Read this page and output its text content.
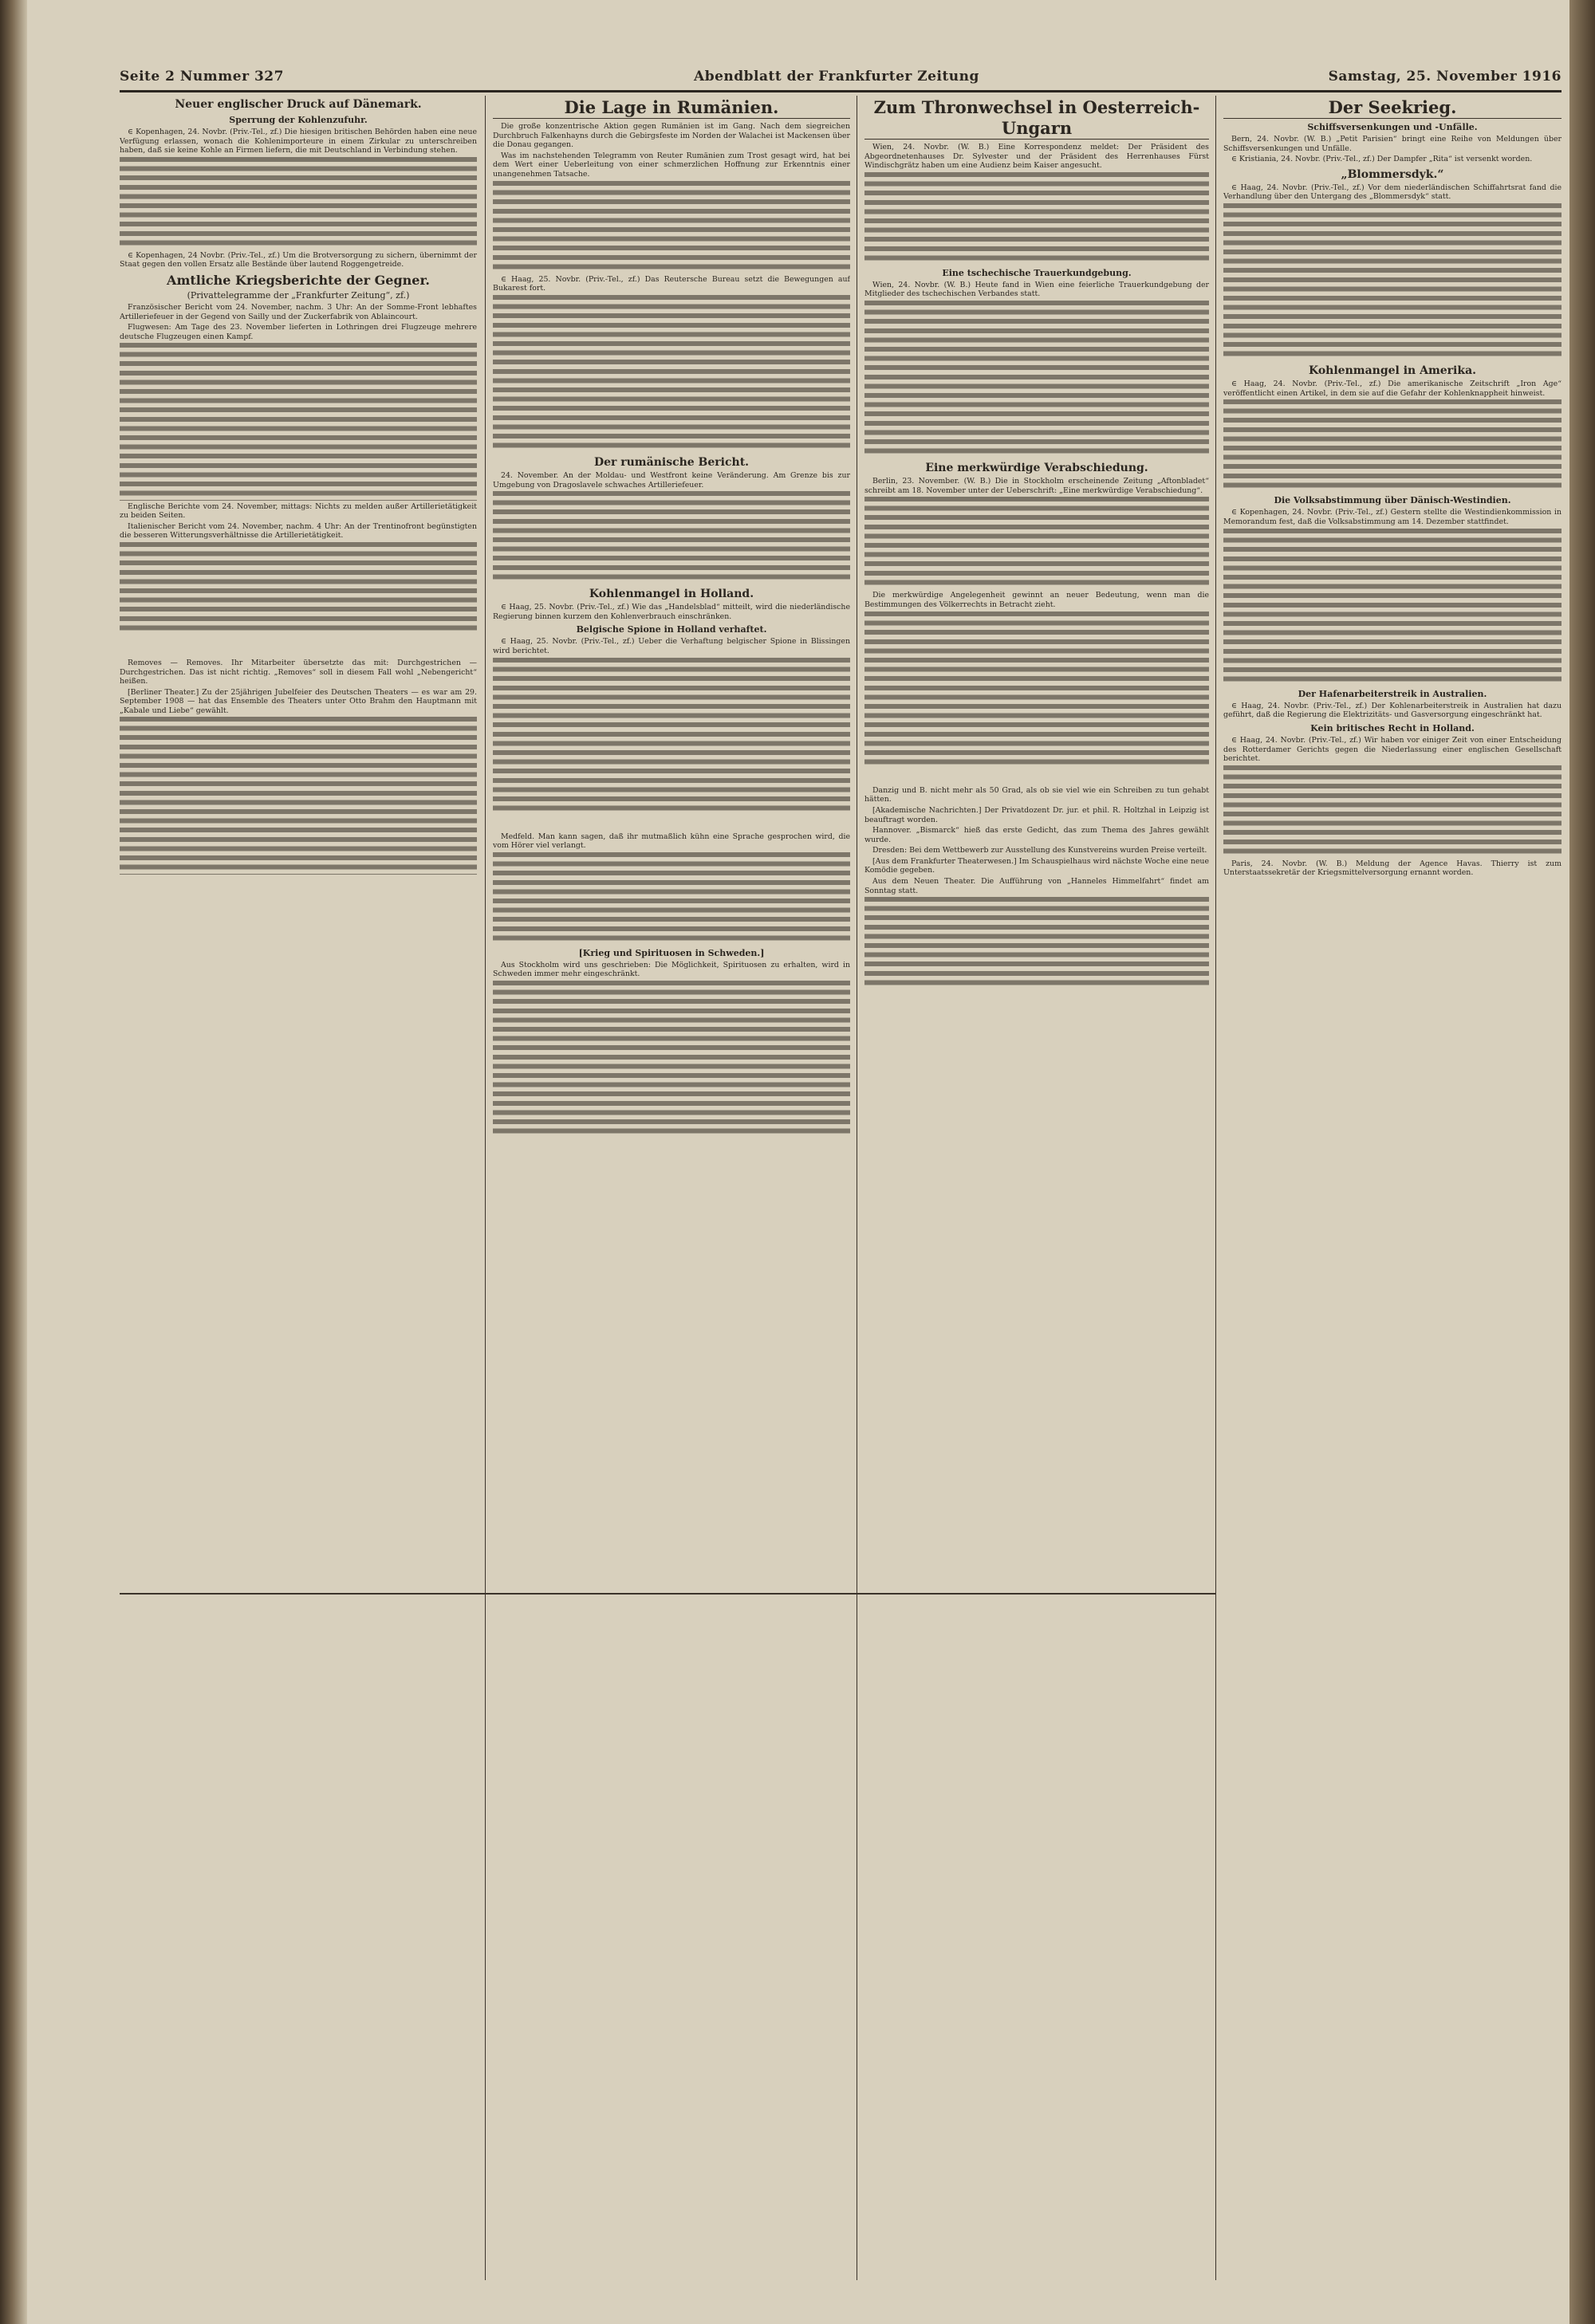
Seite 2 Nummer 327	Abendblatt der Frankfurter Zeitung	Samstag, 25. November 1916
Neuer englischer Druck auf Dänemark.
Sperrung der Kohlenzufuhr.

∈ Kopenhagen, 24. Novbr. (Priv.-Tel., zf.) Die hiesigen britischen Behörden haben eine neue Verfügung erlassen, wonach die Kohlenimporteure in einem Zirkular zu unterschreiben haben, daß sie keine Kohle an Firmen liefern, die mit Deutschland in Verbindung stehen.

∈ Kopenhagen, 24 Novbr. (Priv.-Tel., zf.) Um die Brotversorgung zu sichern, übernimmt der Staat gegen den vollen Ersatz alle Bestände über lautend Roggengetreide.

Amtliche Kriegsberichte der Gegner.
(Privattelegramme der „Frankfurter Zeitung“, zf.)

Französischer Bericht vom 24. November, nachm. 3 Uhr: An der Somme-Front lebhaftes Artilleriefeuer in der Gegend von Sailly und der Zuckerfabrik von Ablaincourt.

Flugwesen: Am Tage des 23. November lieferten in Lothringen drei Flugzeuge mehrere deutsche Flugzeugen einen Kampf.

Englische Berichte vom 24. November, mittags: Nichts zu melden außer Artillerietätigkeit zu beiden Seiten.

Italienischer Bericht vom 24. November, nachm. 4 Uhr: An der Trentinofront begünstigten die besseren Witterungsverhältnisse die Artillerietätigkeit.

Removes — Removes. Ihr Mitarbeiter übersetzte das mit: Durchgestrichen — Durchgestrichen. Das ist nicht richtig. „Removes“ soll in diesem Fall wohl „Nebengericht“ heißen.

[Berliner Theater.] Zu der 25jährigen Jubelfeier des Deutschen Theaters — es war am 29. September 1908 — hat das Ensemble des Theaters unter Otto Brahm den Hauptmann mit „Kabale und Liebe“ gewählt.

Die Lage in Rumänien.

Die große konzentrische Aktion gegen Rumänien ist im Gang. Nach dem siegreichen Durchbruch Falkenhayns durch die Gebirgsfeste im Norden der Walachei ist Mackensen über die Donau gegangen.

Was im nachstehenden Telegramm von Reuter Rumänien zum Trost gesagt wird, hat bei dem Wert einer Ueberleitung von einer schmerzlichen Hoffnung zur Erkenntnis einer unangenehmen Tatsache.

∈ Haag, 25. Novbr. (Priv.-Tel., zf.) Das Reutersche Bureau setzt die Bewegungen auf Bukarest fort.

Der rumänische Bericht.

24. November. An der Moldau- und Westfront keine Veränderung. Am Grenze bis zur Umgebung von Dragoslavele schwaches Artilleriefeuer.

Kohlenmangel in Holland.

∈ Haag, 25. Novbr. (Priv.-Tel., zf.) Wie das „Handelsblad“ mitteilt, wird die niederländische Regierung binnen kurzem den Kohlenverbrauch einschränken.

Belgische Spione in Holland verhaftet.

∈ Haag, 25. Novbr. (Priv.-Tel., zf.) Ueber die Verhaftung belgischer Spione in Blissingen wird berichtet.

Medfeld. Man kann sagen, daß ihr mutmaßlich kühn eine Sprache gesprochen wird, die vom Hörer viel verlangt.

[Krieg und Spirituosen in Schweden.]

Aus Stockholm wird uns geschrieben: Die Möglichkeit, Spirituosen zu erhalten, wird in Schweden immer mehr eingeschränkt.

Zum Thronwechsel in Oesterreich-Ungarn

Wien, 24. Novbr. (W. B.) Eine Korrespondenz meldet: Der Präsident des Abgeordnetenhauses Dr. Sylvester und der Präsident des Herrenhauses Fürst Windischgrätz haben um eine Audienz beim Kaiser angesucht.

Eine tschechische Trauerkundgebung.

Wien, 24. Novbr. (W. B.) Heute fand in Wien eine feierliche Trauerkundgebung der Mitglieder des tschechischen Verbandes statt.

Eine merkwürdige Verabschiedung.

Berlin, 23. November. (W. B.) Die in Stockholm erscheinende Zeitung „Aftonbladet“ schreibt am 18. November unter der Ueberschrift: „Eine merkwürdige Verabschiedung“.

Die merkwürdige Angelegenheit gewinnt an neuer Bedeutung, wenn man die Bestimmungen des Völkerrechts in Betracht zieht.

Danzig und B. nicht mehr als 50 Grad, als ob sie viel wie ein Schreiben zu tun gehabt hätten.

[Akademische Nachrichten.] Der Privatdozent Dr. jur. et phil. R. Holtzhal in Leipzig ist beauftragt worden.

Hannover. „Bismarck“ hieß das erste Gedicht, das zum Thema des Jahres gewählt wurde.

Dresden: Bei dem Wettbewerb zur Ausstellung des Kunstvereins wurden Preise verteilt.

[Aus dem Frankfurter Theaterwesen.] Im Schauspielhaus wird nächste Woche eine neue Komödie gegeben.

Aus dem Neuen Theater. Die Aufführung von „Hanneles Himmelfahrt“ findet am Sonntag statt.

Der Seekrieg.
Schiffsversenkungen und -Unfälle.

Bern, 24. Novbr. (W. B.) „Petit Parisien“ bringt eine Reihe von Meldungen über Schiffsversenkungen und Unfälle.

∈ Kristiania, 24. Novbr. (Priv.-Tel., zf.) Der Dampfer „Rita“ ist versenkt worden.

„Blommersdyk.“

∈ Haag, 24. Novbr. (Priv.-Tel., zf.) Vor dem niederländischen Schiffahrtsrat fand die Verhandlung über den Untergang des „Blommersdyk“ statt.

Kohlenmangel in Amerika.

∈ Haag, 24. Novbr. (Priv.-Tel., zf.) Die amerikanische Zeitschrift „Iron Age“ veröffentlicht einen Artikel, in dem sie auf die Gefahr der Kohlenknappheit hinweist.

Die Volksabstimmung über Dänisch-Westindien.

∈ Kopenhagen, 24. Novbr. (Priv.-Tel., zf.) Gestern stellte die Westindienkommission in Memorandum fest, daß die Volksabstimmung am 14. Dezember stattfindet.

Der Hafenarbeiterstreik in Australien.

∈ Haag, 24. Novbr. (Priv.-Tel., zf.) Der Kohlenarbeiterstreik in Australien hat dazu geführt, daß die Regierung die Elektrizitäts- und Gasversorgung eingeschränkt hat.

Kein britisches Recht in Holland.

∈ Haag, 24. Novbr. (Priv.-Tel., zf.) Wir haben vor einiger Zeit von einer Entscheidung des Rotterdamer Gerichts gegen die Niederlassung einer englischen Gesellschaft berichtet.

Paris, 24. Novbr. (W. B.) Meldung der Agence Havas. Thierry ist zum Unterstaatssekretär der Kriegsmittelversorgung ernannt worden.
